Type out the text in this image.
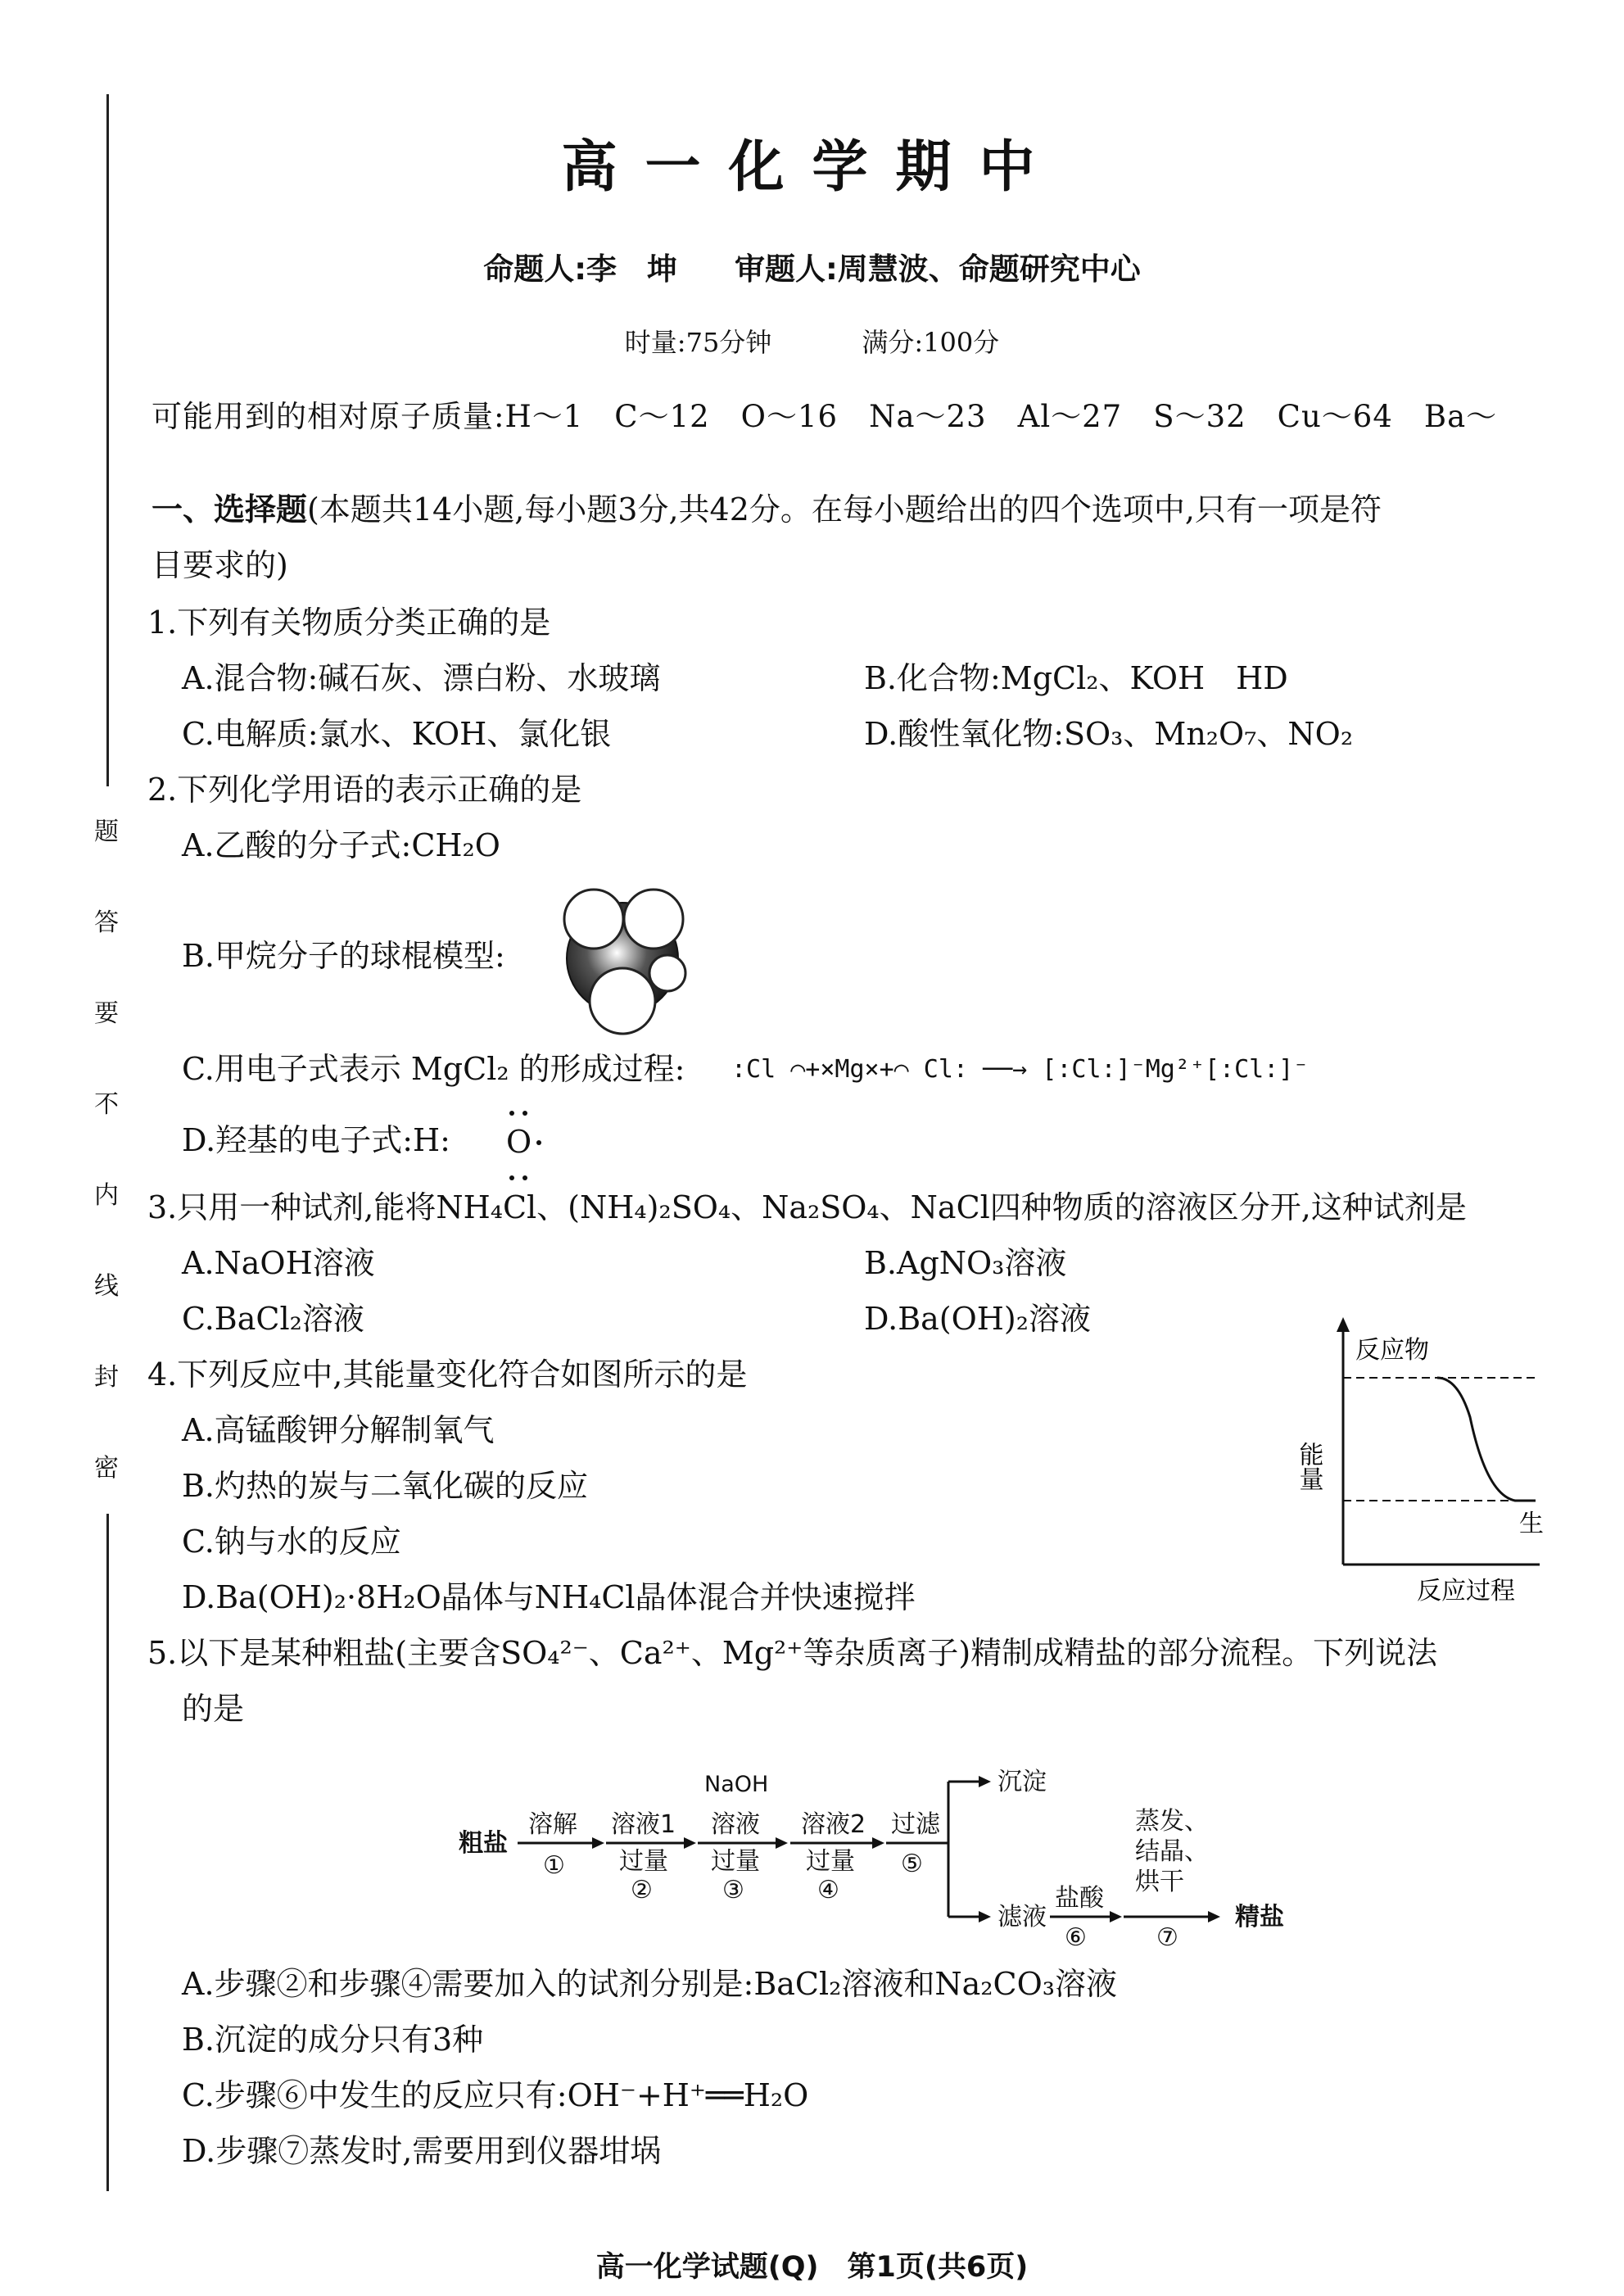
题
答
要
不
内
线
封
密
高一化学期中
命题人:李　坤 审题人:周慧波、命题研究中心
时量:75分钟	满分:100分
可能用到的相对原子质量:H～1　C～12　O～16　Na～23　Al～27　S～32　Cu～64　Ba～
一、选择题(本题共14小题,每小题3分,共42分。在每小题给出的四个选项中,只有一项是符
目要求的)
1.下列有关物质分类正确的是
A.混合物:碱石灰、漂白粉、水玻璃	B.化合物:MgCl₂、KOH　HD
C.电解质:氯水、KOH、氯化银	D.酸性氧化物:SO₃、Mn₂O₇、NO₂
2.下列化学用语的表示正确的是
A.乙酸的分子式:CH₂O
B.甲烷分子的球棍模型:
C.用电子式表示 MgCl₂ 的形成过程: :Cl ⌒+×Mg×+⌒ Cl: ──→ [:Cl:]⁻Mg²⁺[:Cl:]⁻
D.羟基的电子式:H: O
3.只用一种试剂,能将NH₄Cl、(NH₄)₂SO₄、Na₂SO₄、NaCl四种物质的溶液区分开,这种试剂是
A.NaOH溶液	B.AgNO₃溶液
C.BaCl₂溶液	D.Ba(OH)₂溶液
4.下列反应中,其能量变化符合如图所示的是
A.高锰酸钾分解制氧气
B.灼热的炭与二氧化碳的反应
C.钠与水的反应
D.Ba(OH)₂·8H₂O晶体与NH₄Cl晶体混合并快速搅拌
反应物
能量
反应过程
生
5.以下是某种粗盐(主要含SO₄²⁻、Ca²⁺、Mg²⁺等杂质离子)精制成精盐的部分流程。下列说法
的是
粗盐
溶解
①
溶液1
过量
②
NaOH
溶液
过量
③
溶液2
过量
④
过滤
⑤
沉淀
滤液
盐酸
⑥
蒸发、
结晶、
烘干
⑦
精盐
A.步骤②和步骤④需要加入的试剂分别是:BaCl₂溶液和Na₂CO₃溶液
B.沉淀的成分只有3种
C.步骤⑥中发生的反应只有:OH⁻+H⁺══H₂O
D.步骤⑦蒸发时,需要用到仪器坩埚
高一化学试题(Q)　第1页(共6页)
